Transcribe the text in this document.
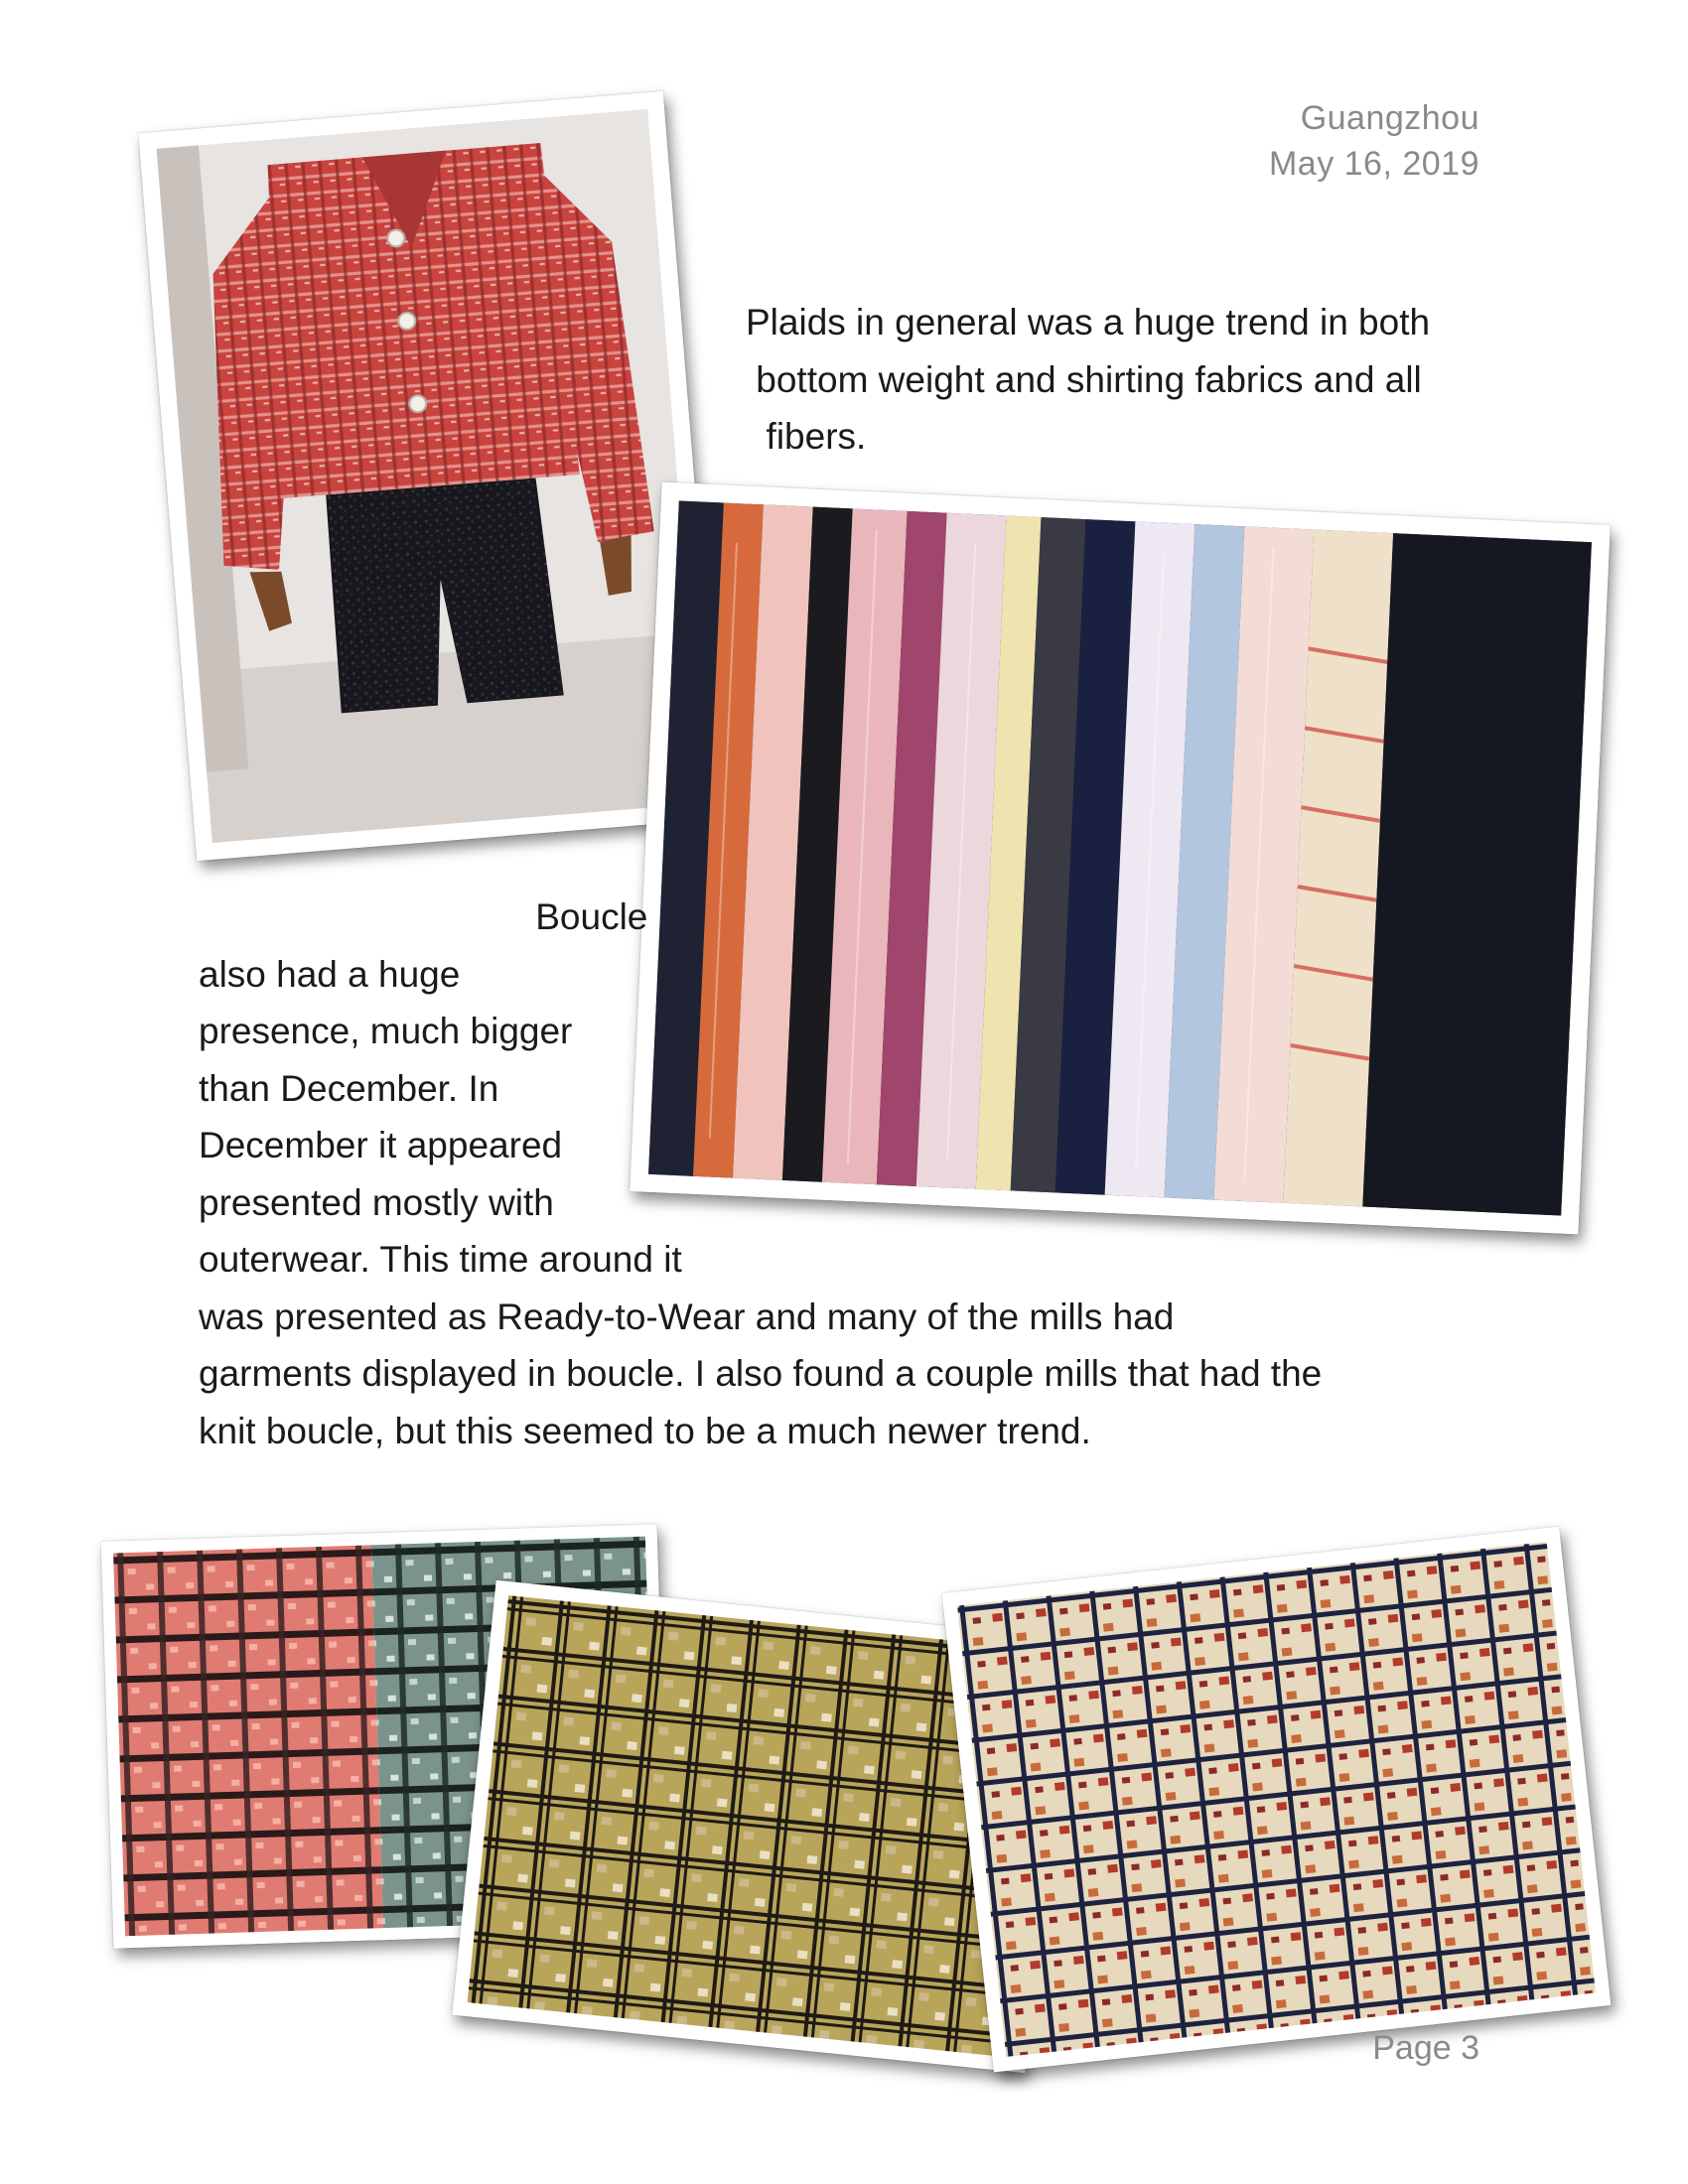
Guangzhou
May 16, 2019
Plaids in general was a huge trend in both
bottom weight and shirting fabrics and all
fibers.
Boucle
also had a huge
presence, much bigger
than December. In
December it appeared
presented mostly with
outerwear. This time around it
was presented as Ready-to-Wear and many of the mills had
garments displayed in boucle. I also found a couple mills that had the
knit boucle, but this seemed to be a much newer trend.
Page 3
